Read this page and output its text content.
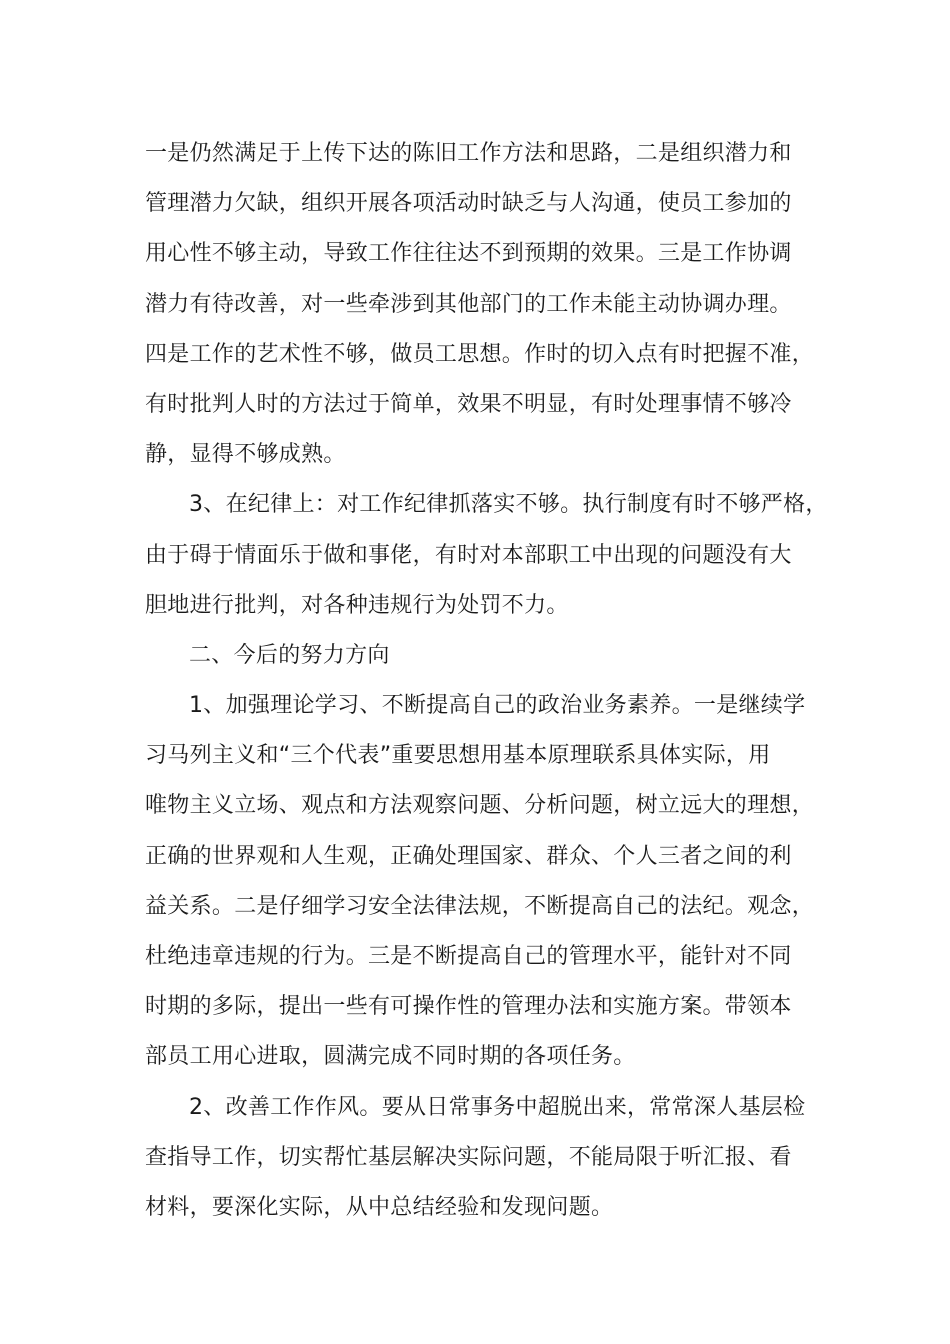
一是仍然满足于上传下达的陈旧工作方法和思路，二是组织潜力和
管理潜力欠缺，组织开展各项活动时缺乏与人沟通，使员工参加的
用心性不够主动，导致工作往往达不到预期的效果。三是工作协调
潜力有待改善，对一些牵涉到其他部门的工作未能主动协调办理。
四是工作的艺术性不够，做员工思想。作时的切入点有时把握不准，
有时批判人时的方法过于简单，效果不明显，有时处理事情不够冷
静，显得不够成熟。
3、在纪律上：对工作纪律抓落实不够。执行制度有时不够严格，
由于碍于情面乐于做和事佬，有时对本部职工中出现的问题没有大
胆地进行批判，对各种违规行为处罚不力。
二、今后的努力方向
1、加强理论学习、不断提高自己的政治业务素养。一是继续学
习马列主义和“三个代表”重要思想用基本原理联系具体实际，用
唯物主义立场、观点和方法观察问题、分析问题，树立远大的理想，
正确的世界观和人生观，正确处理国家、群众、个人三者之间的利
益关系。二是仔细学习安全法律法规，不断提高自己的法纪。观念，
杜绝违章违规的行为。三是不断提高自己的管理水平，能针对不同
时期的多际，提出一些有可操作性的管理办法和实施方案。带领本
部员工用心进取，圆满完成不同时期的各项任务。
2、改善工作作风。要从日常事务中超脱出来，常常深人基层检
查指导工作，切实帮忙基层解决实际问题，不能局限于听汇报、看
材料，要深化实际，从中总结经验和发现问题。
